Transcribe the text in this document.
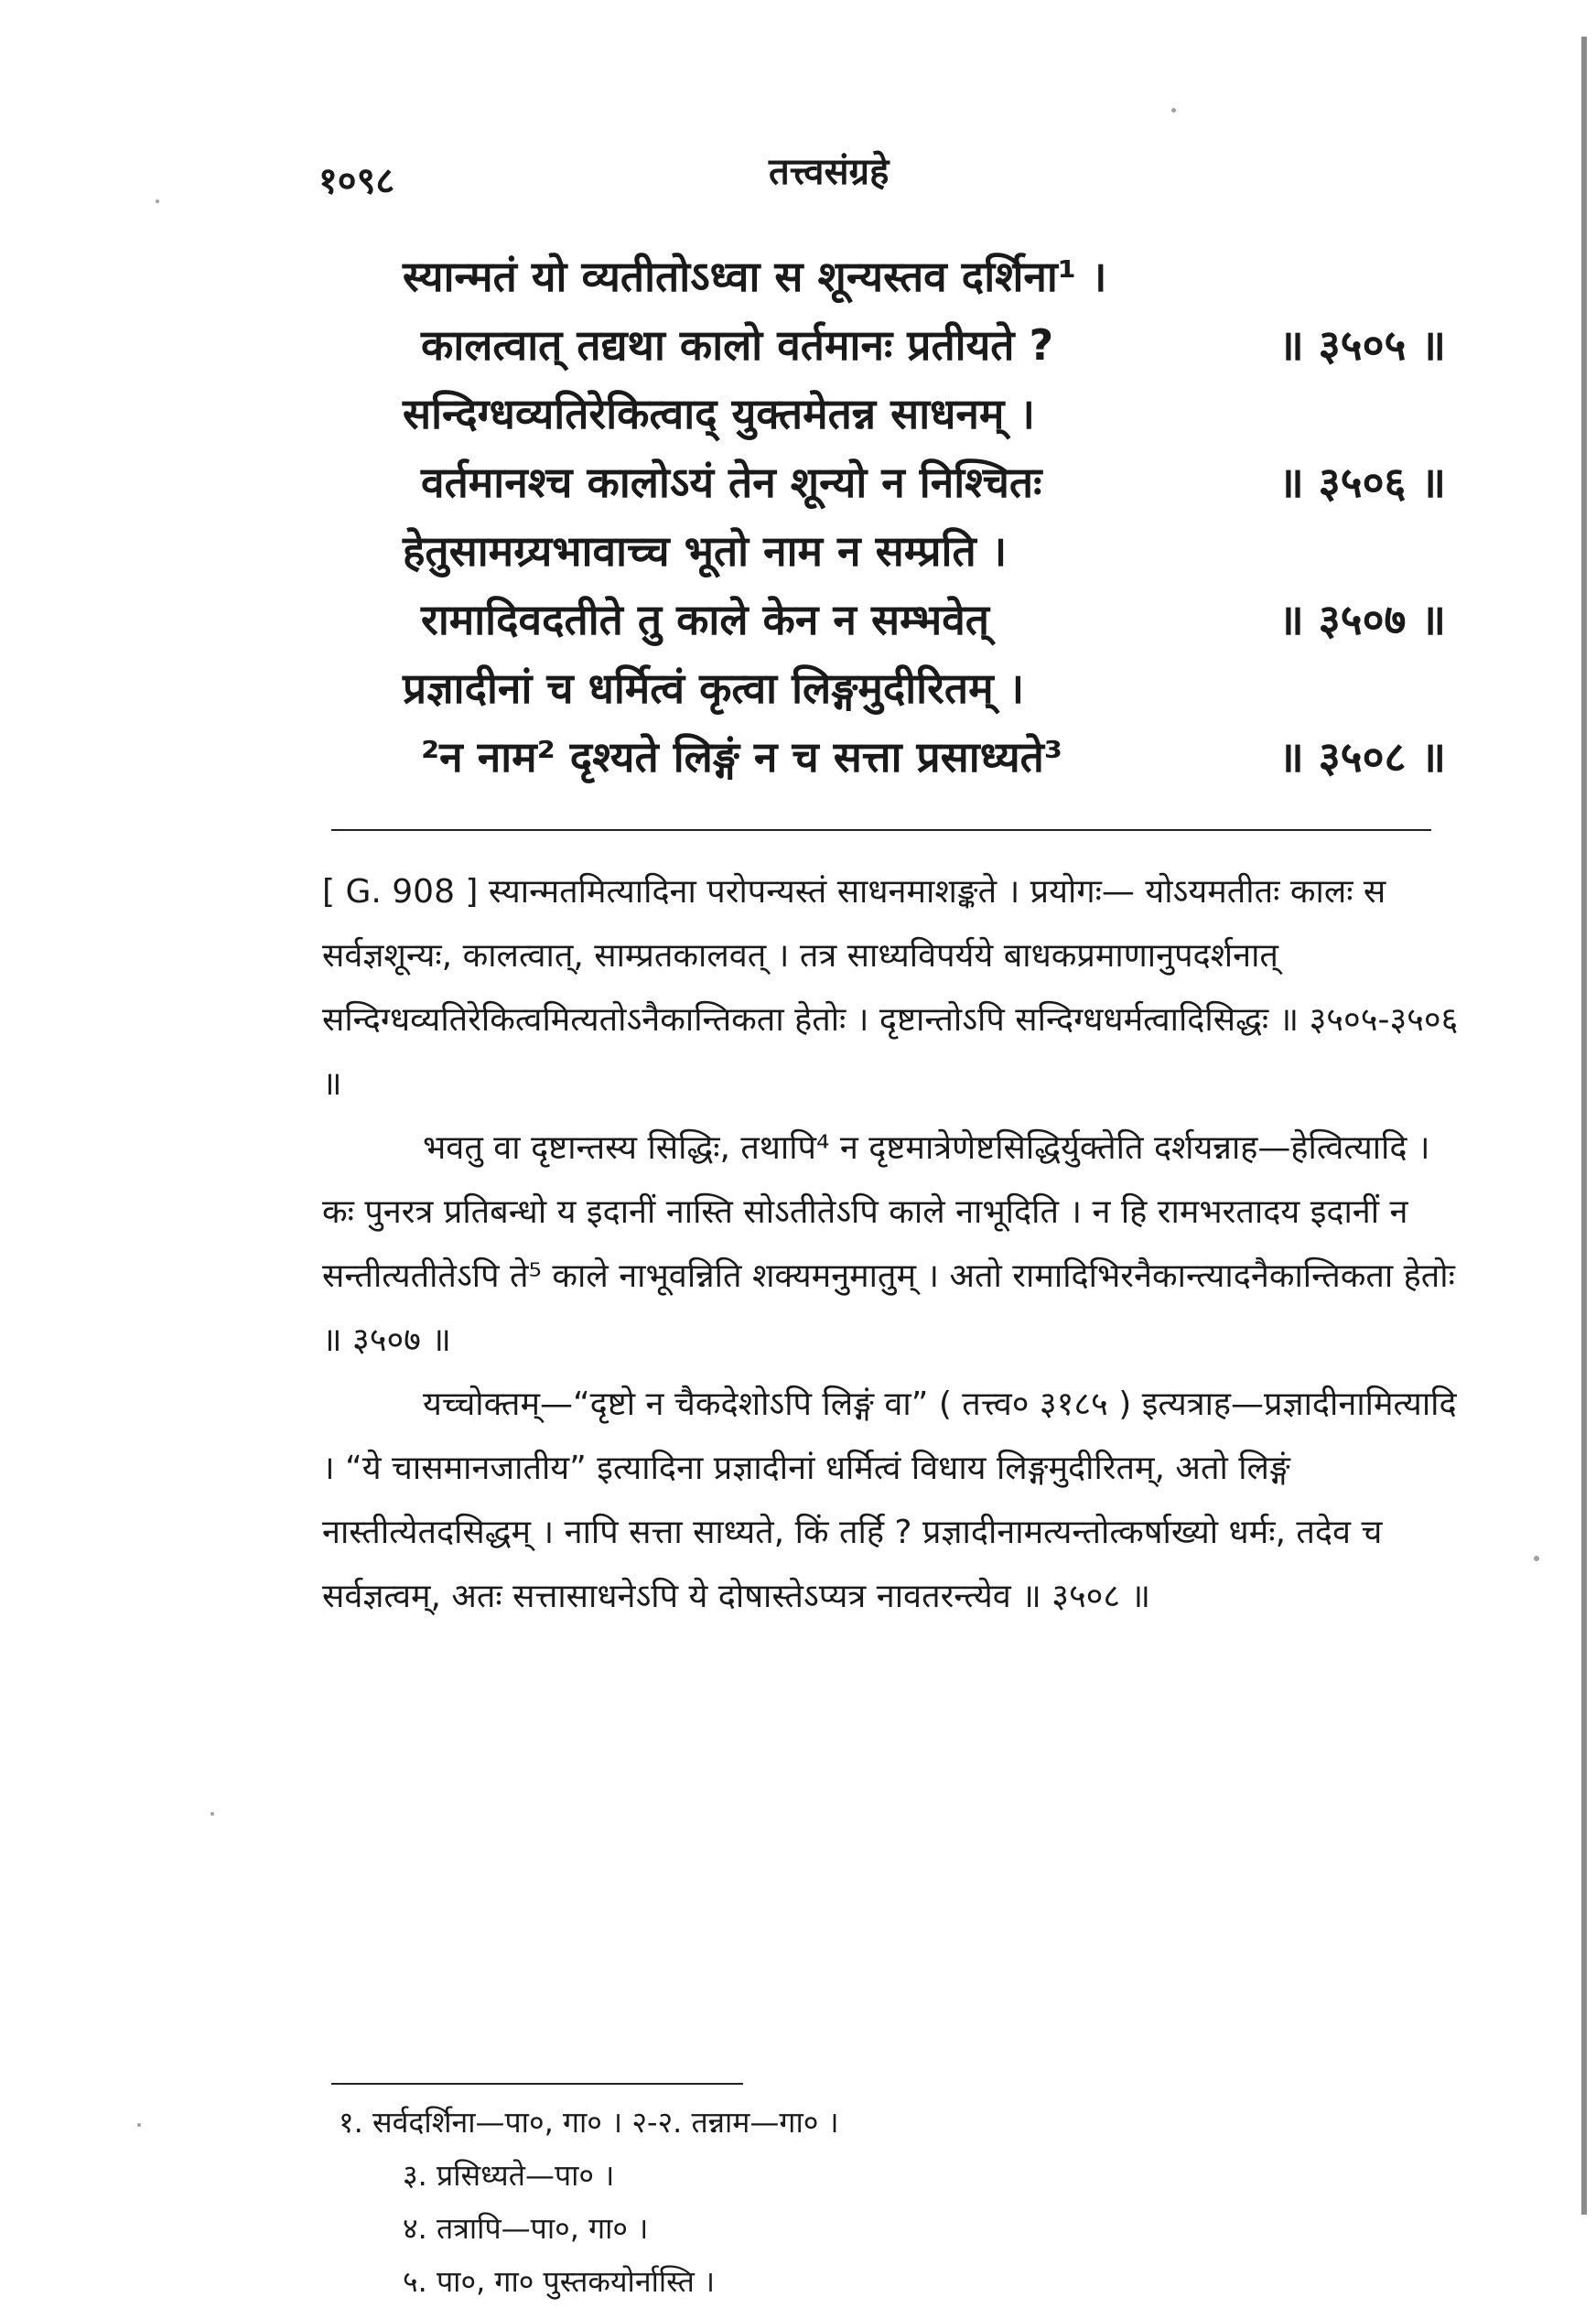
१०९८	तत्त्वसंग्रहे
स्यान्मतं यो व्यतीतोऽध्वा स शून्यस्तव दर्शिना¹ ।
कालत्वात् तद्यथा कालो वर्तमानः प्रतीयते ?	॥ ३५०५ ॥
सन्दिग्धव्यतिरेकित्वाद् युक्तमेतन्न साधनम् ।
वर्तमानश्च कालोऽयं तेन शून्यो न निश्चितः	॥ ३५०६ ॥
हेतुसामग्र्यभावाच्च भूतो नाम न सम्प्रति ।
रामादिवदतीते तु काले केन न सम्भवेत्	॥ ३५०७ ॥
प्रज्ञादीनां च धर्मित्वं कृत्वा लिङ्गमुदीरितम् ।
²न नाम² दृश्यते लिङ्गं न च सत्ता प्रसाध्यते³	॥ ३५०८ ॥

[ G. 908 ] स्यान्मतमित्यादिना परोपन्यस्तं साधनमाशङ्कते । प्रयोगः— योऽयमतीतः कालः स सर्वज्ञशून्यः, कालत्वात्, साम्प्रतकालवत् । तत्र साध्यविपर्यये बाधकप्रमाणानुपदर्शनात् सन्दिग्धव्यतिरेकित्वमित्यतोऽनैकान्तिकता हेतोः । दृष्टान्तोऽपि सन्दिग्धधर्मत्वादिसिद्धः ॥ ३५०५-३५०६ ॥

भवतु वा दृष्टान्तस्य सिद्धिः, तथापि⁴ न दृष्टमात्रेणेष्टसिद्धिर्युक्तेति दर्शयन्नाह—हेत्वित्यादि । कः पुनरत्र प्रतिबन्धो य इदानीं नास्ति सोऽतीतेऽपि काले नाभूदिति । न हि रामभरतादय इदानीं न सन्तीत्यतीतेऽपि ते⁵ काले नाभूवन्निति शक्यमनुमातुम् । अतो रामादिभिरनैकान्त्यादनैकान्तिकता हेतोः ॥ ३५०७ ॥

यच्चोक्तम्—“दृष्टो न चैकदेशोऽपि लिङ्गं वा” ( तत्त्व० ३१८५ ) इत्यत्राह—प्रज्ञादीनामित्यादि । “ये चासमानजातीय” इत्यादिना प्रज्ञादीनां धर्मित्वं विधाय लिङ्गमुदीरितम्, अतो लिङ्गं नास्तीत्येतदसिद्धम् । नापि सत्ता साध्यते, किं तर्हि ? प्रज्ञादीनामत्यन्तोत्कर्षाख्यो धर्मः, तदेव च सर्वज्ञत्वम्, अतः सत्तासाधनेऽपि ये दोषास्तेऽप्यत्र नावतरन्त्येव ॥ ३५०८ ॥

१. सर्वदर्शिना—पा०, गा० । २-२. तन्नाम—गा० ।
३. प्रसिध्यते—पा० ।
४. तत्रापि—पा०, गा० ।
५. पा०, गा० पुस्तकयोर्नास्ति ।
